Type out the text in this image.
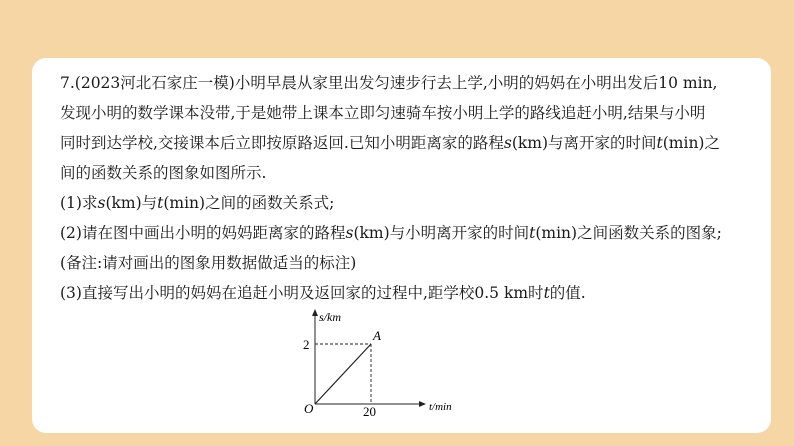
7.(2023河北石家庄一模)小明早晨从家里出发匀速步行去上学,小明的妈妈在小明出发后10 min,
发现小明的数学课本没带,于是她带上课本立即匀速骑车按小明上学的路线追赶小明,结果与小明
同时到达学校,交接课本后立即按原路返回.已知小明距离家的路程s(km)与离开家的时间t(min)之
间的函数关系的图象如图所示.
(1)求s(km)与t(min)之间的函数关系式;
(2)请在图中画出小明的妈妈距离家的路程s(km)与小明离开家的时间t(min)之间函数关系的图象;
(备注:请对画出的图象用数据做适当的标注)
(3)直接写出小明的妈妈在追赶小明及返回家的过程中,距学校0.5 km时t的值.
s/km
t/min
O
A
2
20
